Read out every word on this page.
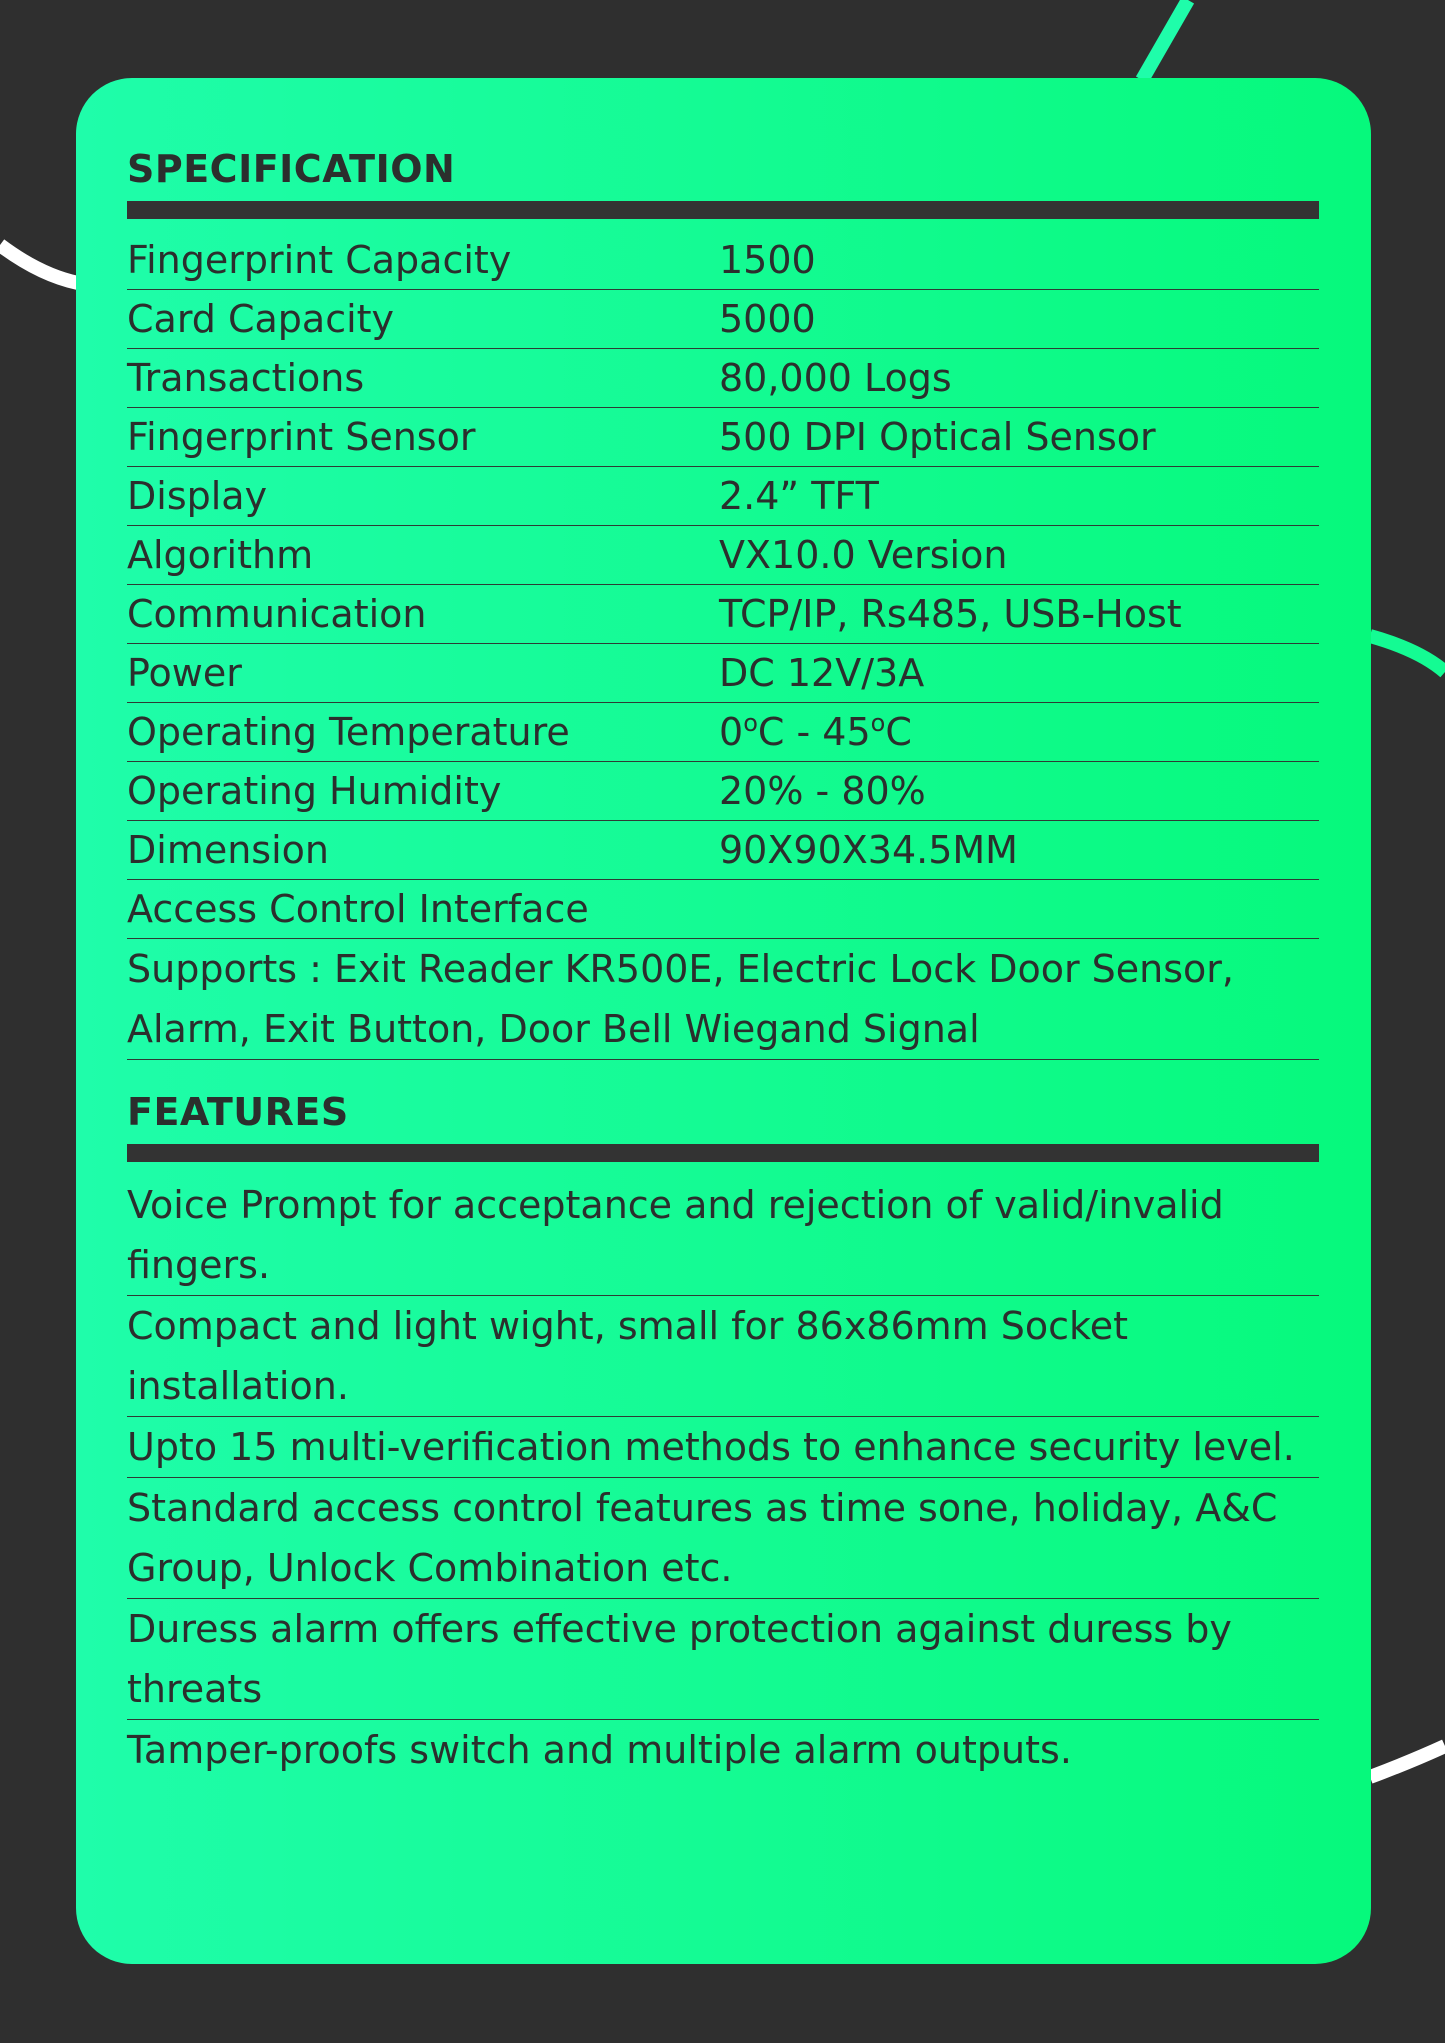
SPECIFICATION
Fingerprint Capacity	1500
Card Capacity	5000
Transactions	80,000 Logs
Fingerprint Sensor	500 DPI Optical Sensor
Display	2.4” TFT
Algorithm	VX10.0 Version
Communication	TCP/IP, Rs485, USB-Host
Power	DC 12V/3A
Operating Temperature	0$^o$C - 45$^o$C
Operating Humidity	20% - 80%
Dimension	90X90X34.5MM
Access Control Interface	
Supports : Exit Reader KR500E, Electric Lock Door Sensor, Alarm, Exit Button, Door Bell Wiegand Signal
FEATURES
Voice Prompt for acceptance and rejection of valid/invalid fingers.
Compact and light wight, small for 86x86mm Socket installation.
Upto 15 multi-verification methods to enhance security level.
Standard access control features as time sone, holiday, A&C Group, Unlock Combination etc.
Duress alarm offers effective protection against duress by threats
Tamper-proofs switch and multiple alarm outputs.
